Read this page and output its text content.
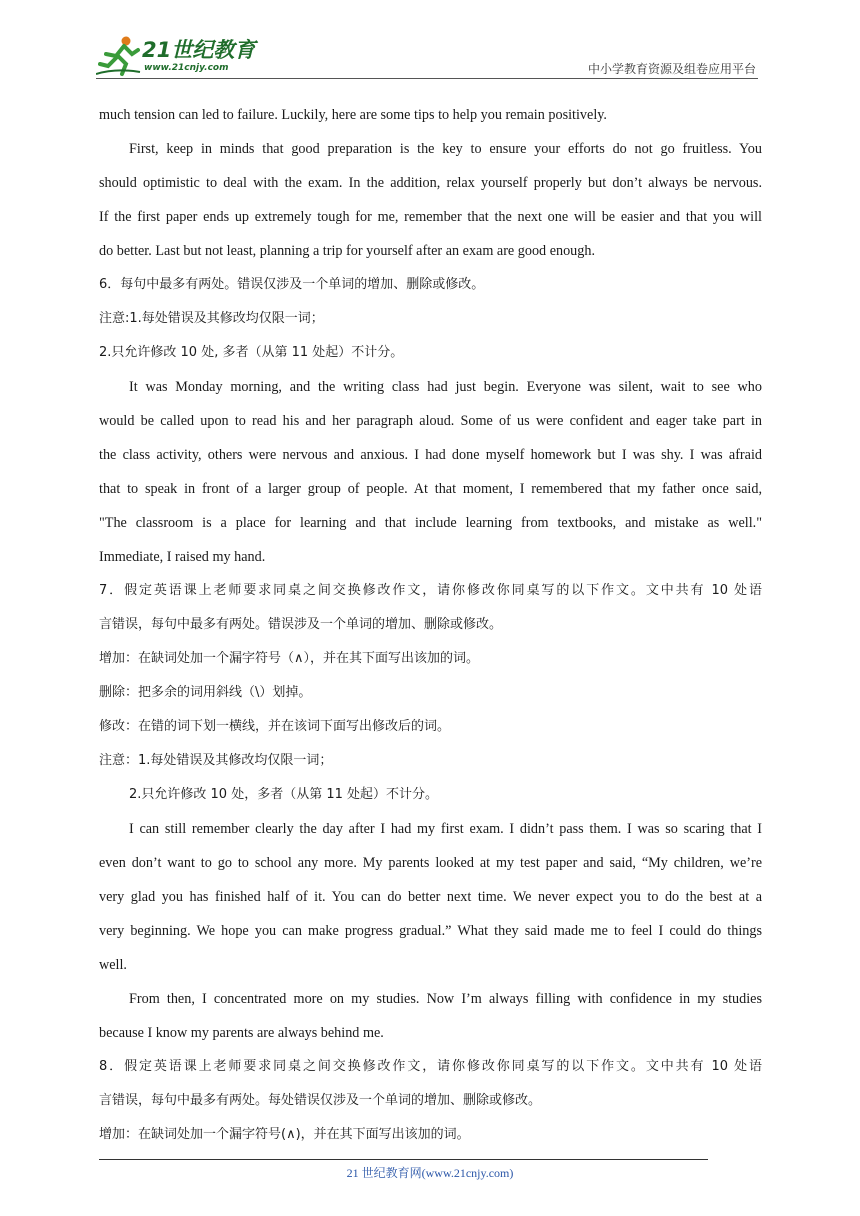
21世纪教育
www.21cnjy.com	中小学教育资源及组卷应用平台
much tension can led to failure. Luckily, here are some tips to help you remain positively.
First, keep in minds that good preparation is the key to ensure your efforts do not go fruitless. You
should optimistic to deal with the exam. In the addition, relax yourself properly but don’t always be nervous.
If the first paper ends up extremely tough for me, remember that the next one will be easier and that you will
do better. Last but not least, planning a trip for yourself after an exam are good enough.
6．每句中最多有两处。错误仅涉及一个单词的增加、删除或修改。
注意:1.每处错误及其修改均仅限一词；
2.只允许修改 10 处, 多者（从第 11 处起）不计分。
It was Monday morning, and the writing class had just begin. Everyone was silent, wait to see who
would be called upon to read his and her paragraph aloud. Some of us were confident and eager take part in
the class activity, others were nervous and anxious. I had done myself homework but I was shy. I was afraid
that to speak in front of a larger group of people. At that moment, I remembered that my father once said,
"The classroom is a place for learning and that include learning from textbooks, and mistake as well."
Immediate, I raised my hand.
7．假定英语课上老师要求同桌之间交换修改作文，请你修改你同桌写的以下作文。文中共有 10 处语
言错误，每句中最多有两处。错误涉及一个单词的增加、删除或修改。
增加：在缺词处加一个漏字符号（∧），并在其下面写出该加的词。
删除：把多余的词用斜线（\）划掉。
修改：在错的词下划一横线，并在该词下面写出修改后的词。
注意：1.每处错误及其修改均仅限一词；
2.只允许修改 10 处，多者（从第 11 处起）不计分。
I can still remember clearly the day after I had my first exam. I didn’t pass them. I was so scaring that I
even don’t want to go to school any more. My parents looked at my test paper and said, “My children, we’re
very glad you has finished half of it. You can do better next time. We never expect you to do the best at a
very beginning. We hope you can make progress gradual.” What they said made me to feel I could do things
well.
From then, I concentrated more on my studies. Now I’m always filling with confidence in my studies
because I know my parents are always behind me.
8．假定英语课上老师要求同桌之间交换修改作文，请你修改你同桌写的以下作文。文中共有 10 处语
言错误，每句中最多有两处。每处错误仅涉及一个单词的增加、删除或修改。
增加：在缺词处加一个漏字符号(∧)，并在其下面写出该加的词。
21 世纪教育网(www.21cnjy.com)
